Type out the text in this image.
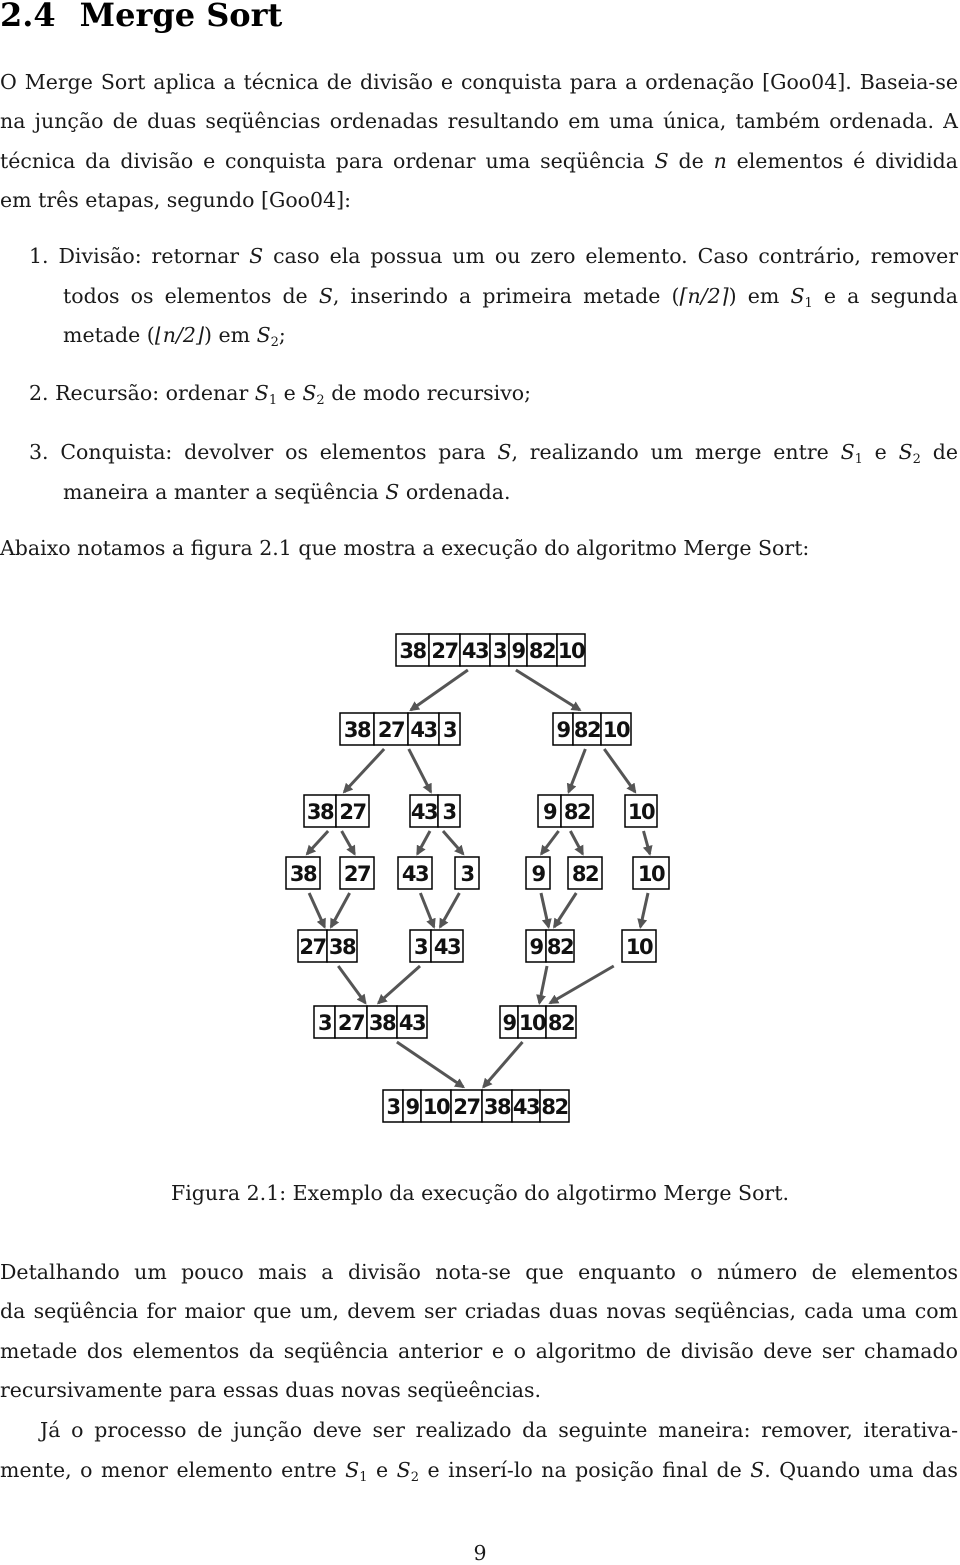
2.4 Merge Sort

O Merge Sort aplica a técnica de divisão e conquista para a ordenação [Goo04]. Baseia-se

na junção de duas seqüências ordenadas resultando em uma única, também ordenada. A

técnica da divisão e conquista para ordenar uma seqüência S de n elementos é dividida

em três etapas, segundo [Goo04]:

1. Divisão: retornar S caso ela possua um ou zero elemento. Caso contrário, remover

todos os elementos de S, inserindo a primeira metade (⌈n/2⌉) em $S_1$ e a segunda

metade (⌊n/2⌋) em $S_2$;

2. Recursão: ordenar $S_1$ e $S_2$ de modo recursivo;

3. Conquista: devolver os elementos para S, realizando um merge entre $S_1$ e $S_2$ de

maneira a manter a seqüência S ordenada.

Abaixo notamos a figura 2.1 que mostra a execução do algoritmo Merge Sort:

38 27 43 3 9 82 10
38 27 43 3	9 82 10
38 27 43 3	9 82 10
38 27 43 3	9 82 10
27 38	3 43	9 82	10
3 27 38 43	9 10 82
3 9 10 27 38 43 82

Figura 2.1: Exemplo da execução do algotirmo Merge Sort.

Detalhando um pouco mais a divisão nota-se que enquanto o número de elementos

da seqüência for maior que um, devem ser criadas duas novas seqüências, cada uma com

metade dos elementos da seqüência anterior e o algoritmo de divisão deve ser chamado

recursivamente para essas duas novas seqüeências.

Já o processo de junção deve ser realizado da seguinte maneira: remover, iterativa-

mente, o menor elemento entre $S_1$ e $S_2$ e inserí-lo na posição final de S. Quando uma das

9
